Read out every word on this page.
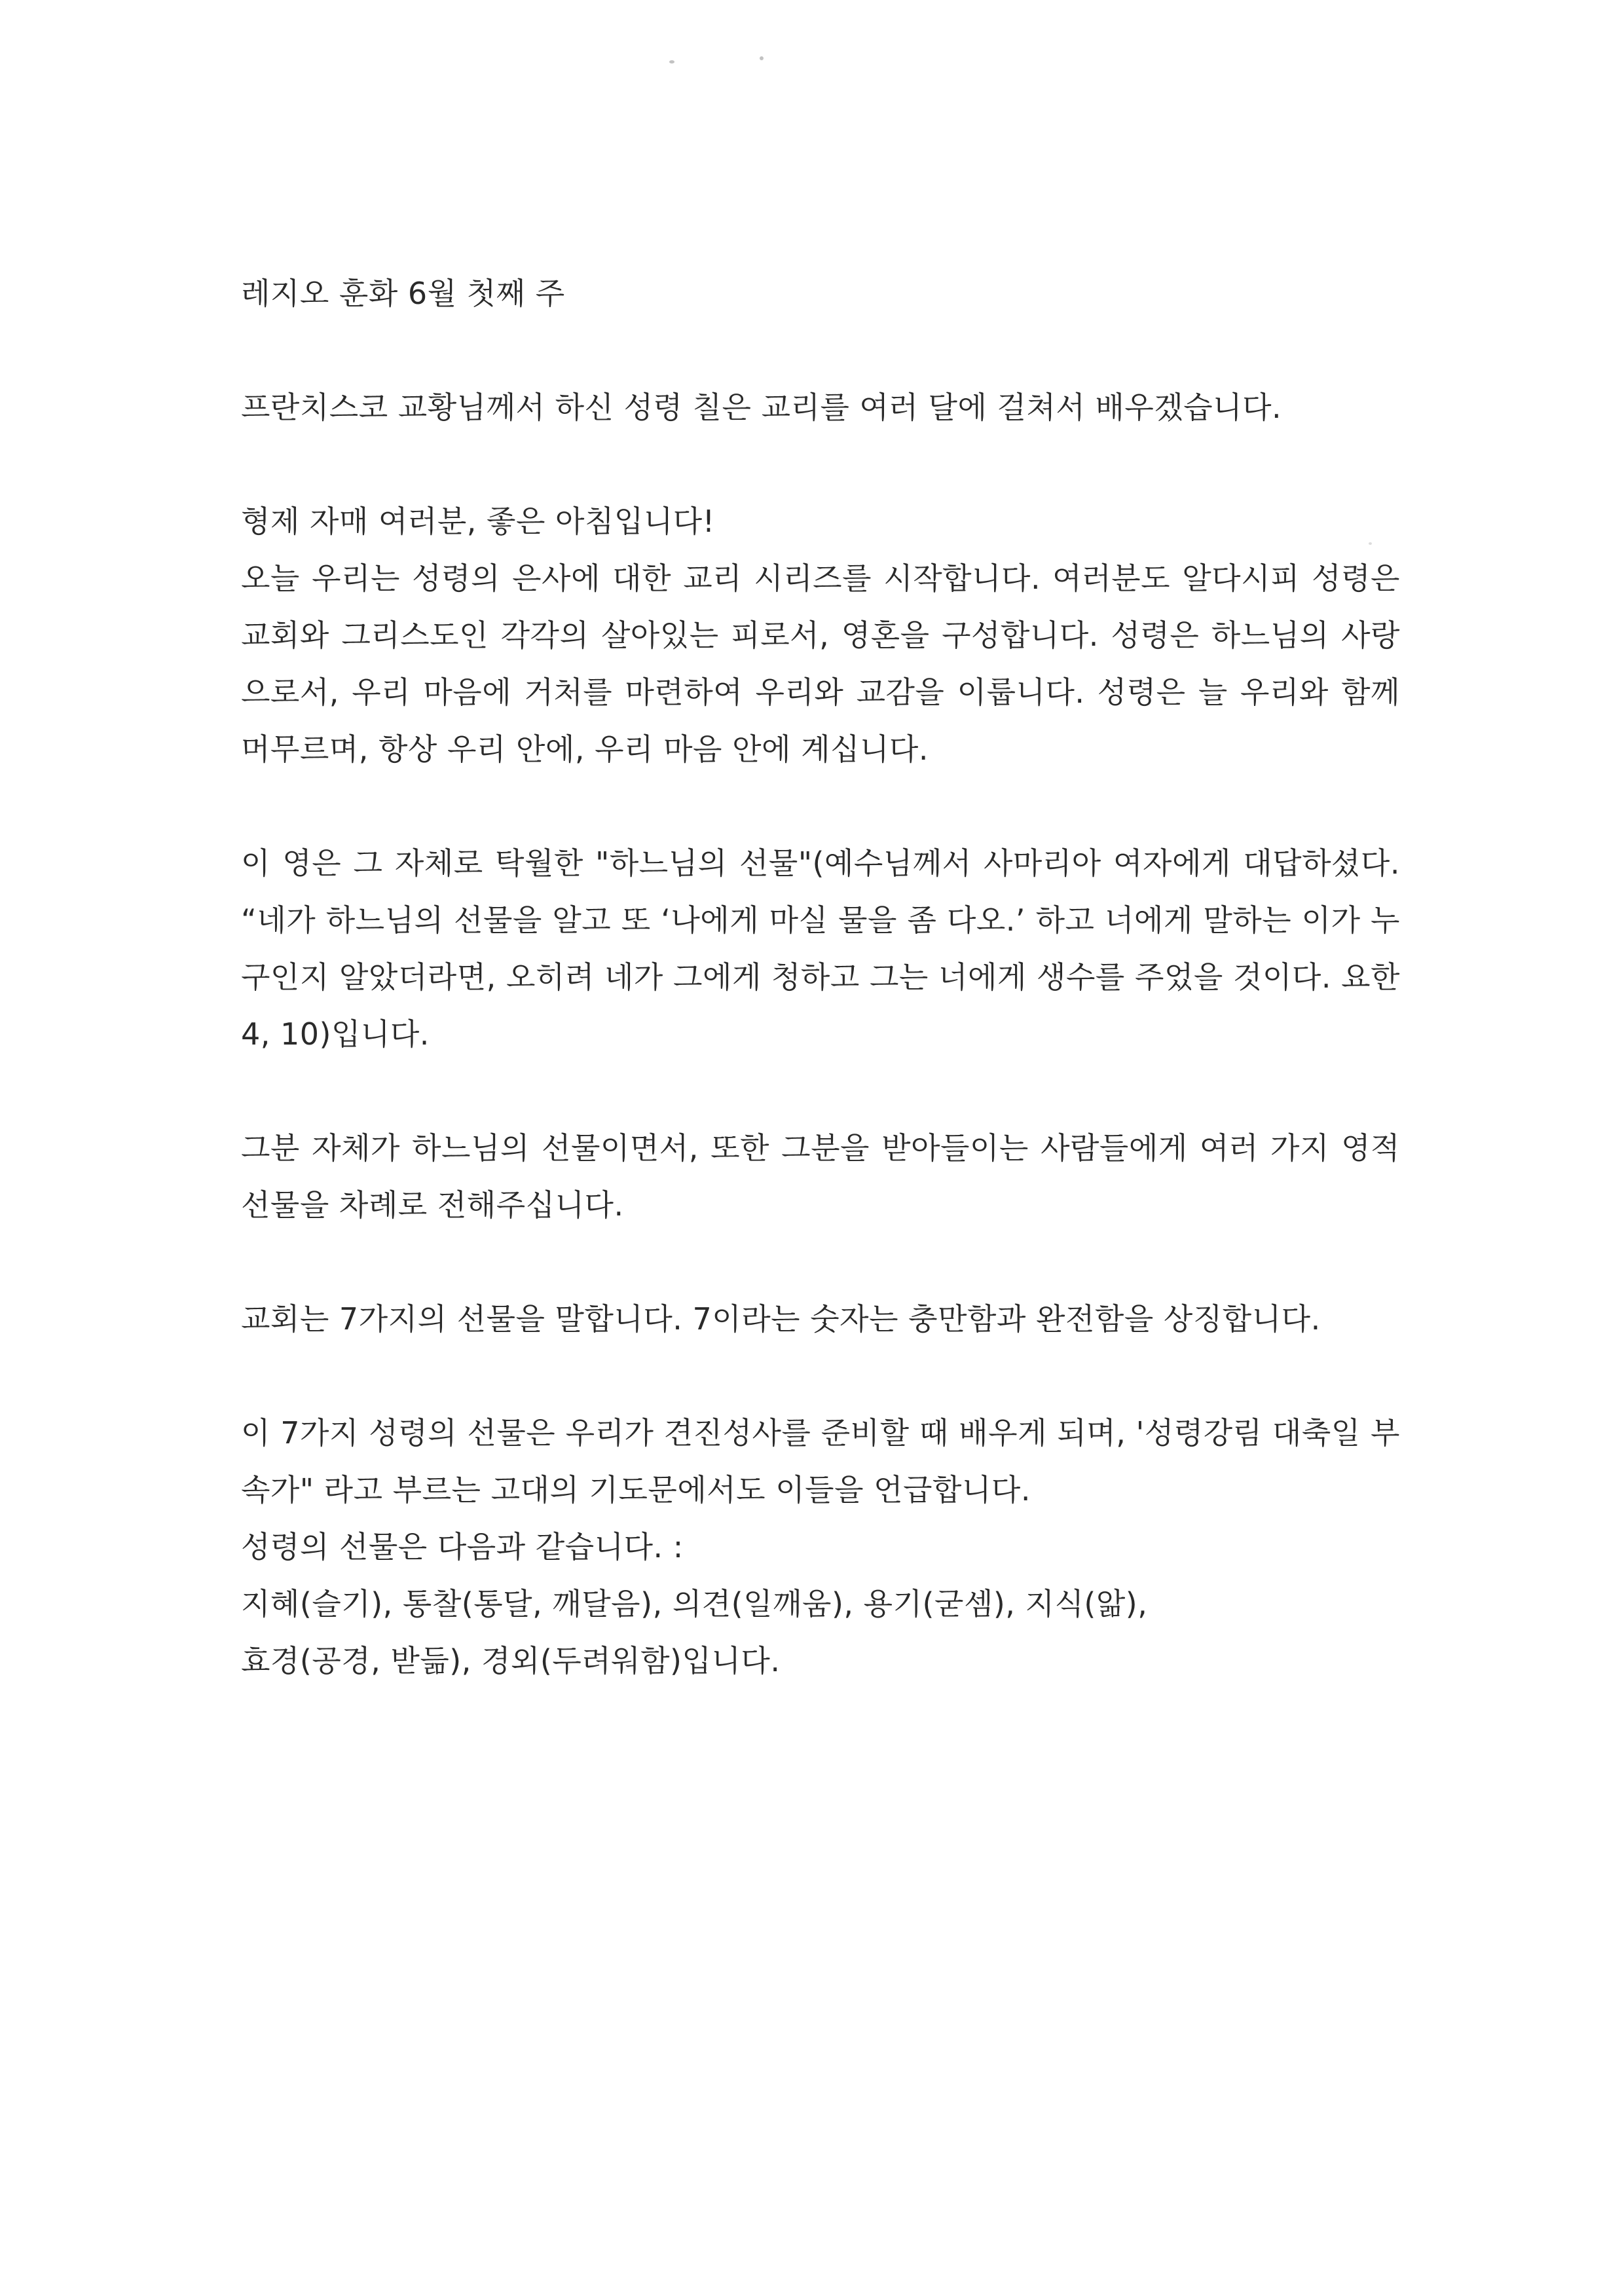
레지오 훈화 6월 첫째 주

프란치스코 교황님께서 하신 성령 칠은 교리를 여러 달에 걸쳐서 배우겠습니다.

형제 자매 여러분, 좋은 아침입니다!

오늘 우리는 성령의 은사에 대한 교리 시리즈를 시작합니다. 여러분도 알다시피 성령은 교회와 그리스도인 각각의 살아있는 피로서, 영혼을 구성합니다. 성령은 하느님의 사랑으로서, 우리 마음에 거처를 마련하여 우리와 교감을 이룹니다. 성령은 늘 우리와 함께 머무르며, 항상 우리 안에, 우리 마음 안에 계십니다.

이 영은 그 자체로 탁월한 "하느님의 선물"(예수님께서 사마리아 여자에게 대답하셨다. “네가 하느님의 선물을 알고 또 ‘나에게 마실 물을 좀 다오.’ 하고 너에게 말하는 이가 누구인지 알았더라면, 오히려 네가 그에게 청하고 그는 너에게 생수를 주었을 것이다. 요한 4, 10)입니다.

그분 자체가 하느님의 선물이면서, 또한 그분을 받아들이는 사람들에게 여러 가지 영적 선물을 차례로 전해주십니다.

교회는 7가지의 선물을 말합니다. 7이라는 숫자는 충만함과 완전함을 상징합니다.

이 7가지 성령의 선물은 우리가 견진성사를 준비할 때 배우게 되며, '성령강림 대축일 부속가" 라고 부르는 고대의 기도문에서도 이들을 언급합니다.

성령의 선물은 다음과 같습니다. :

지혜(슬기), 통찰(통달, 깨달음), 의견(일깨움), 용기(굳셈), 지식(앎),
효경(공경, 받듦), 경외(두려워함)입니다.
